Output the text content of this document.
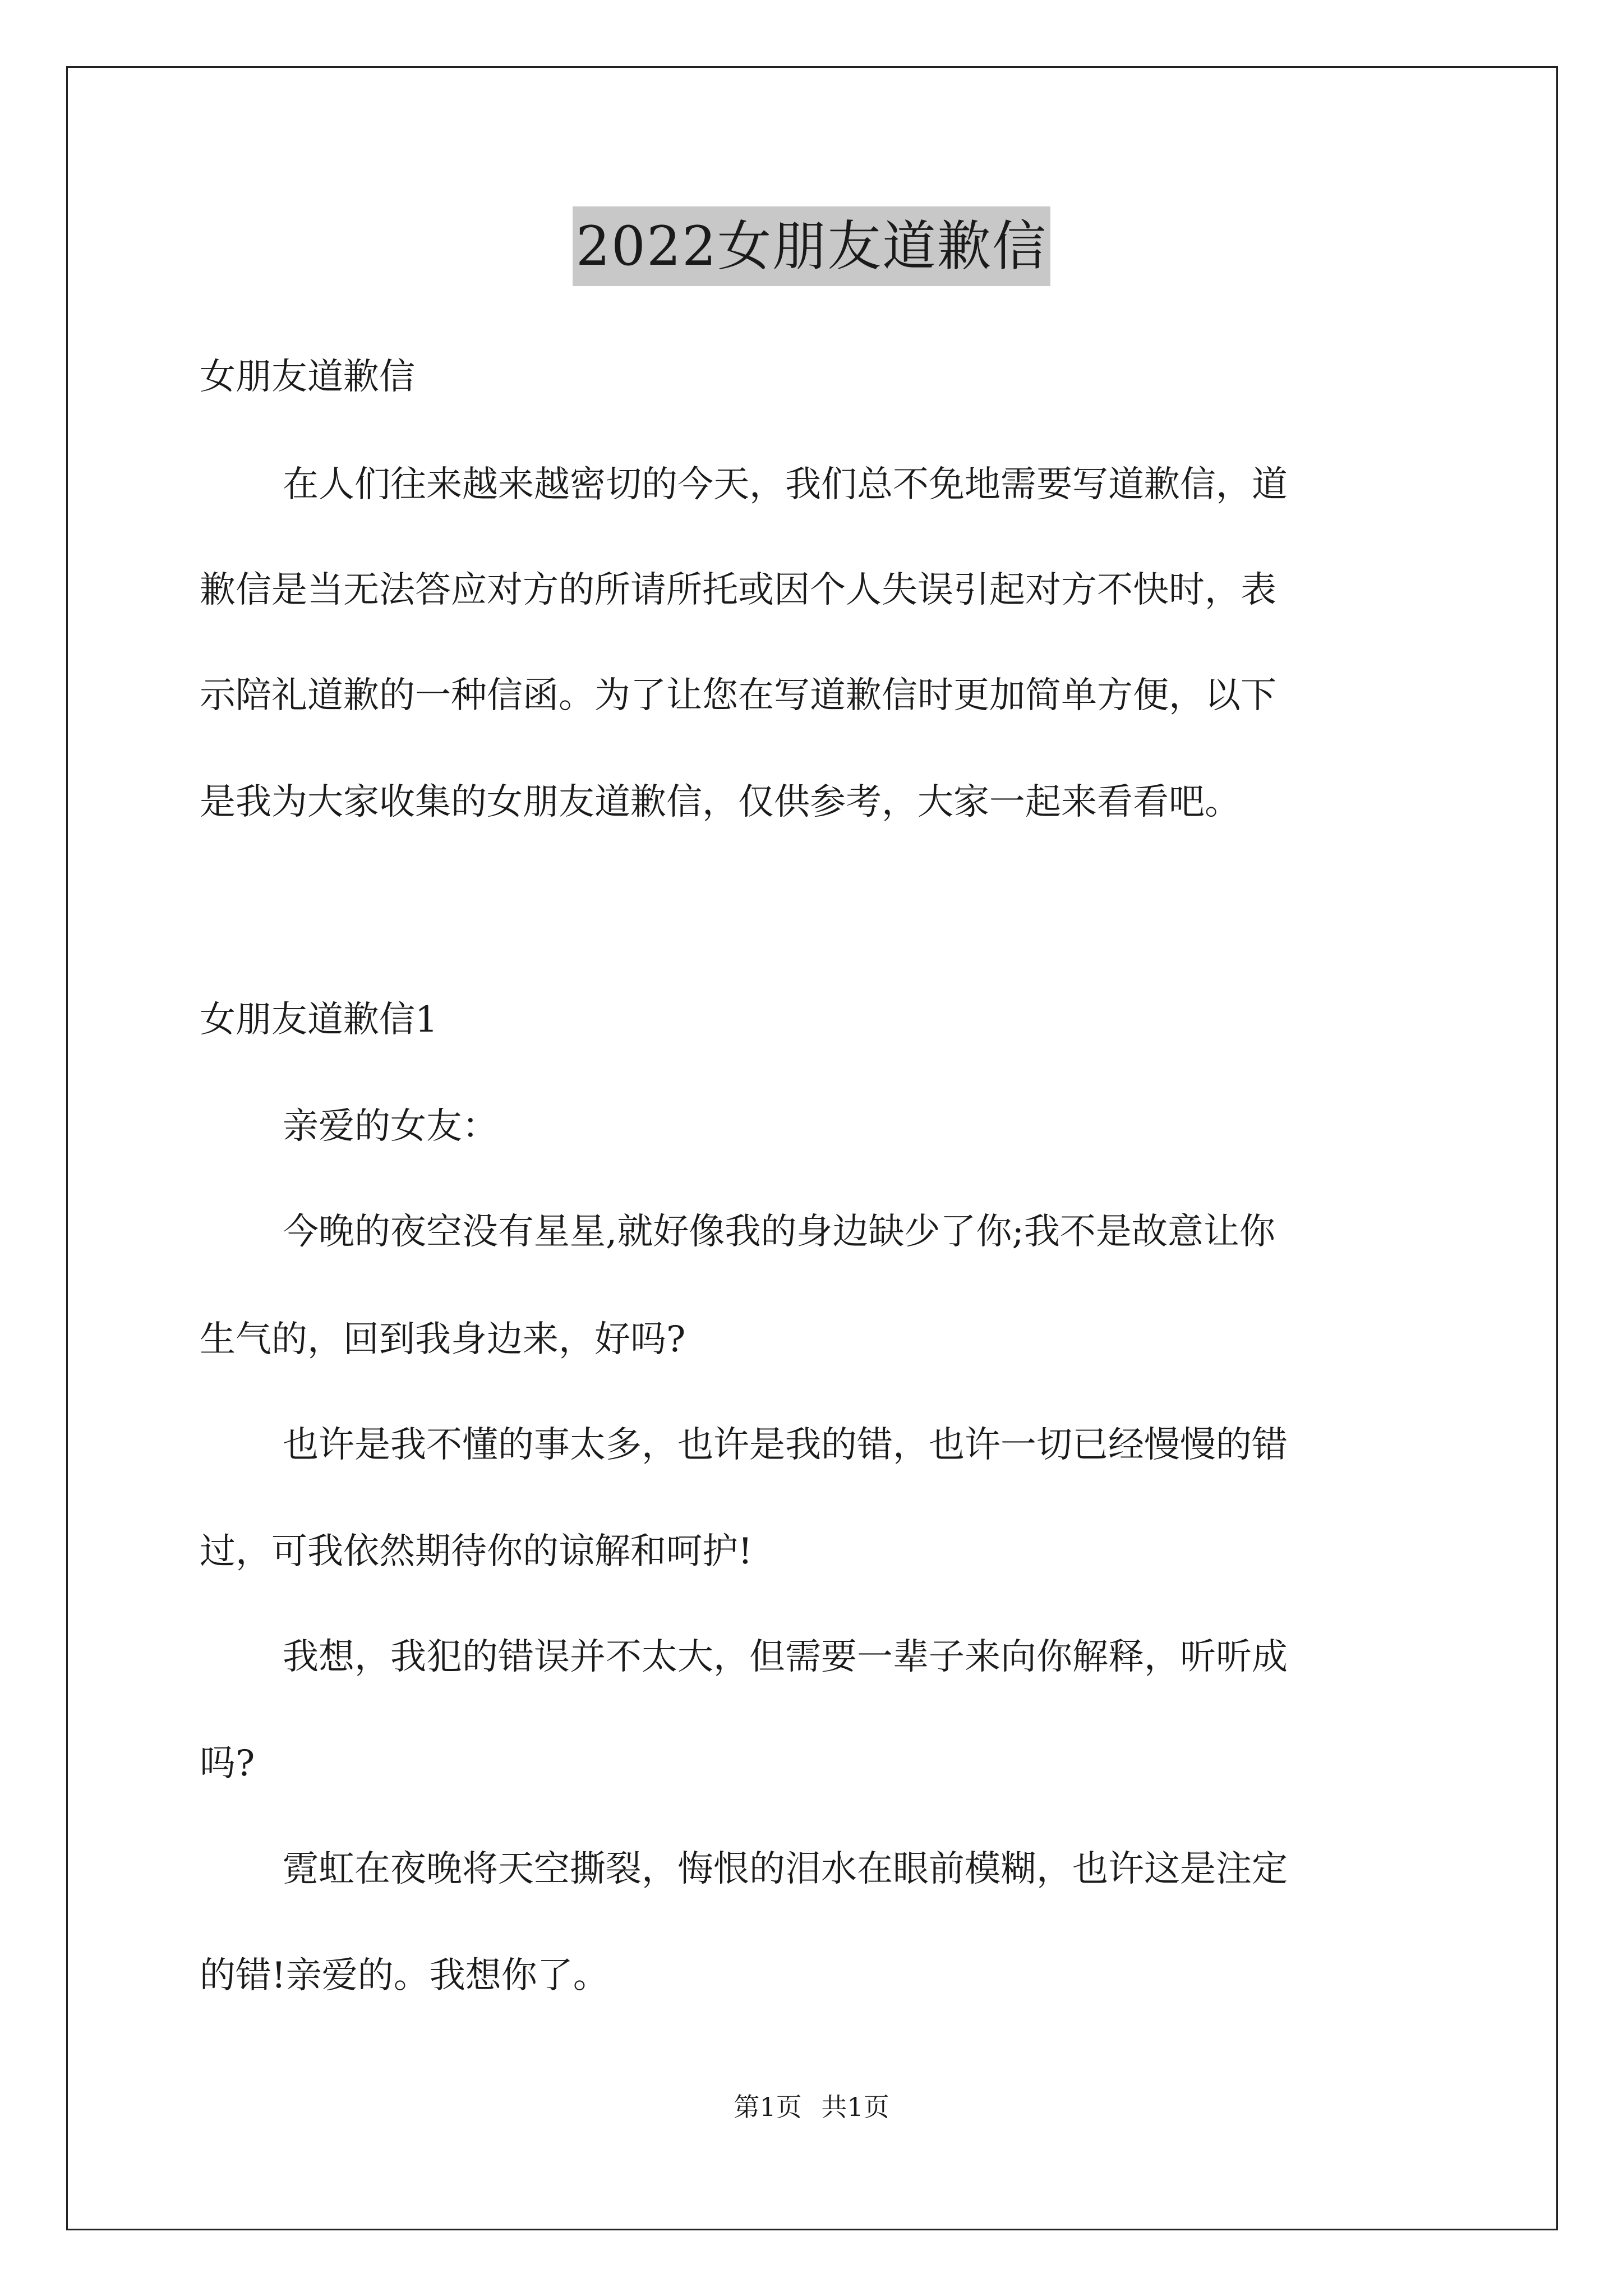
2022女朋友道歉信
女朋友道歉信
在人们往来越来越密切的今天，我们总不免地需要写道歉信，道
歉信是当无法答应对方的所请所托或因个人失误引起对方不快时，表
示陪礼道歉的一种信函。为了让您在写道歉信时更加简单方便，以下
是我为大家收集的女朋友道歉信，仅供参考，大家一起来看看吧。
女朋友道歉信1
亲爱的女友：
今晚的夜空没有星星,就好像我的身边缺少了你;我不是故意让你
生气的，回到我身边来，好吗?
也许是我不懂的事太多，也许是我的错，也许一切已经慢慢的错
过，可我依然期待你的谅解和呵护!
我想，我犯的错误并不太大，但需要一辈子来向你解释，听听成
吗?
霓虹在夜晚将天空撕裂，悔恨的泪水在眼前模糊，也许这是注定
的错!亲爱的。我想你了。
第1页 共1页
